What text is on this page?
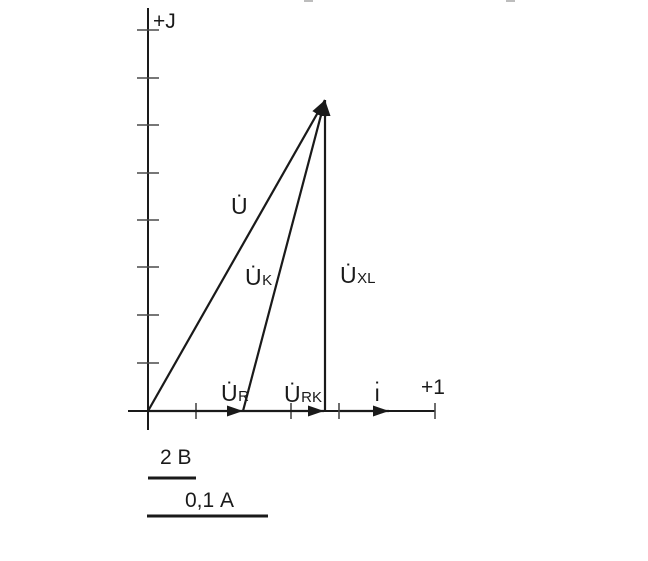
U̇
U̇K	U̇XL
U̇R U̇RK ı̇
+J
+1
2 В
0,1 А
